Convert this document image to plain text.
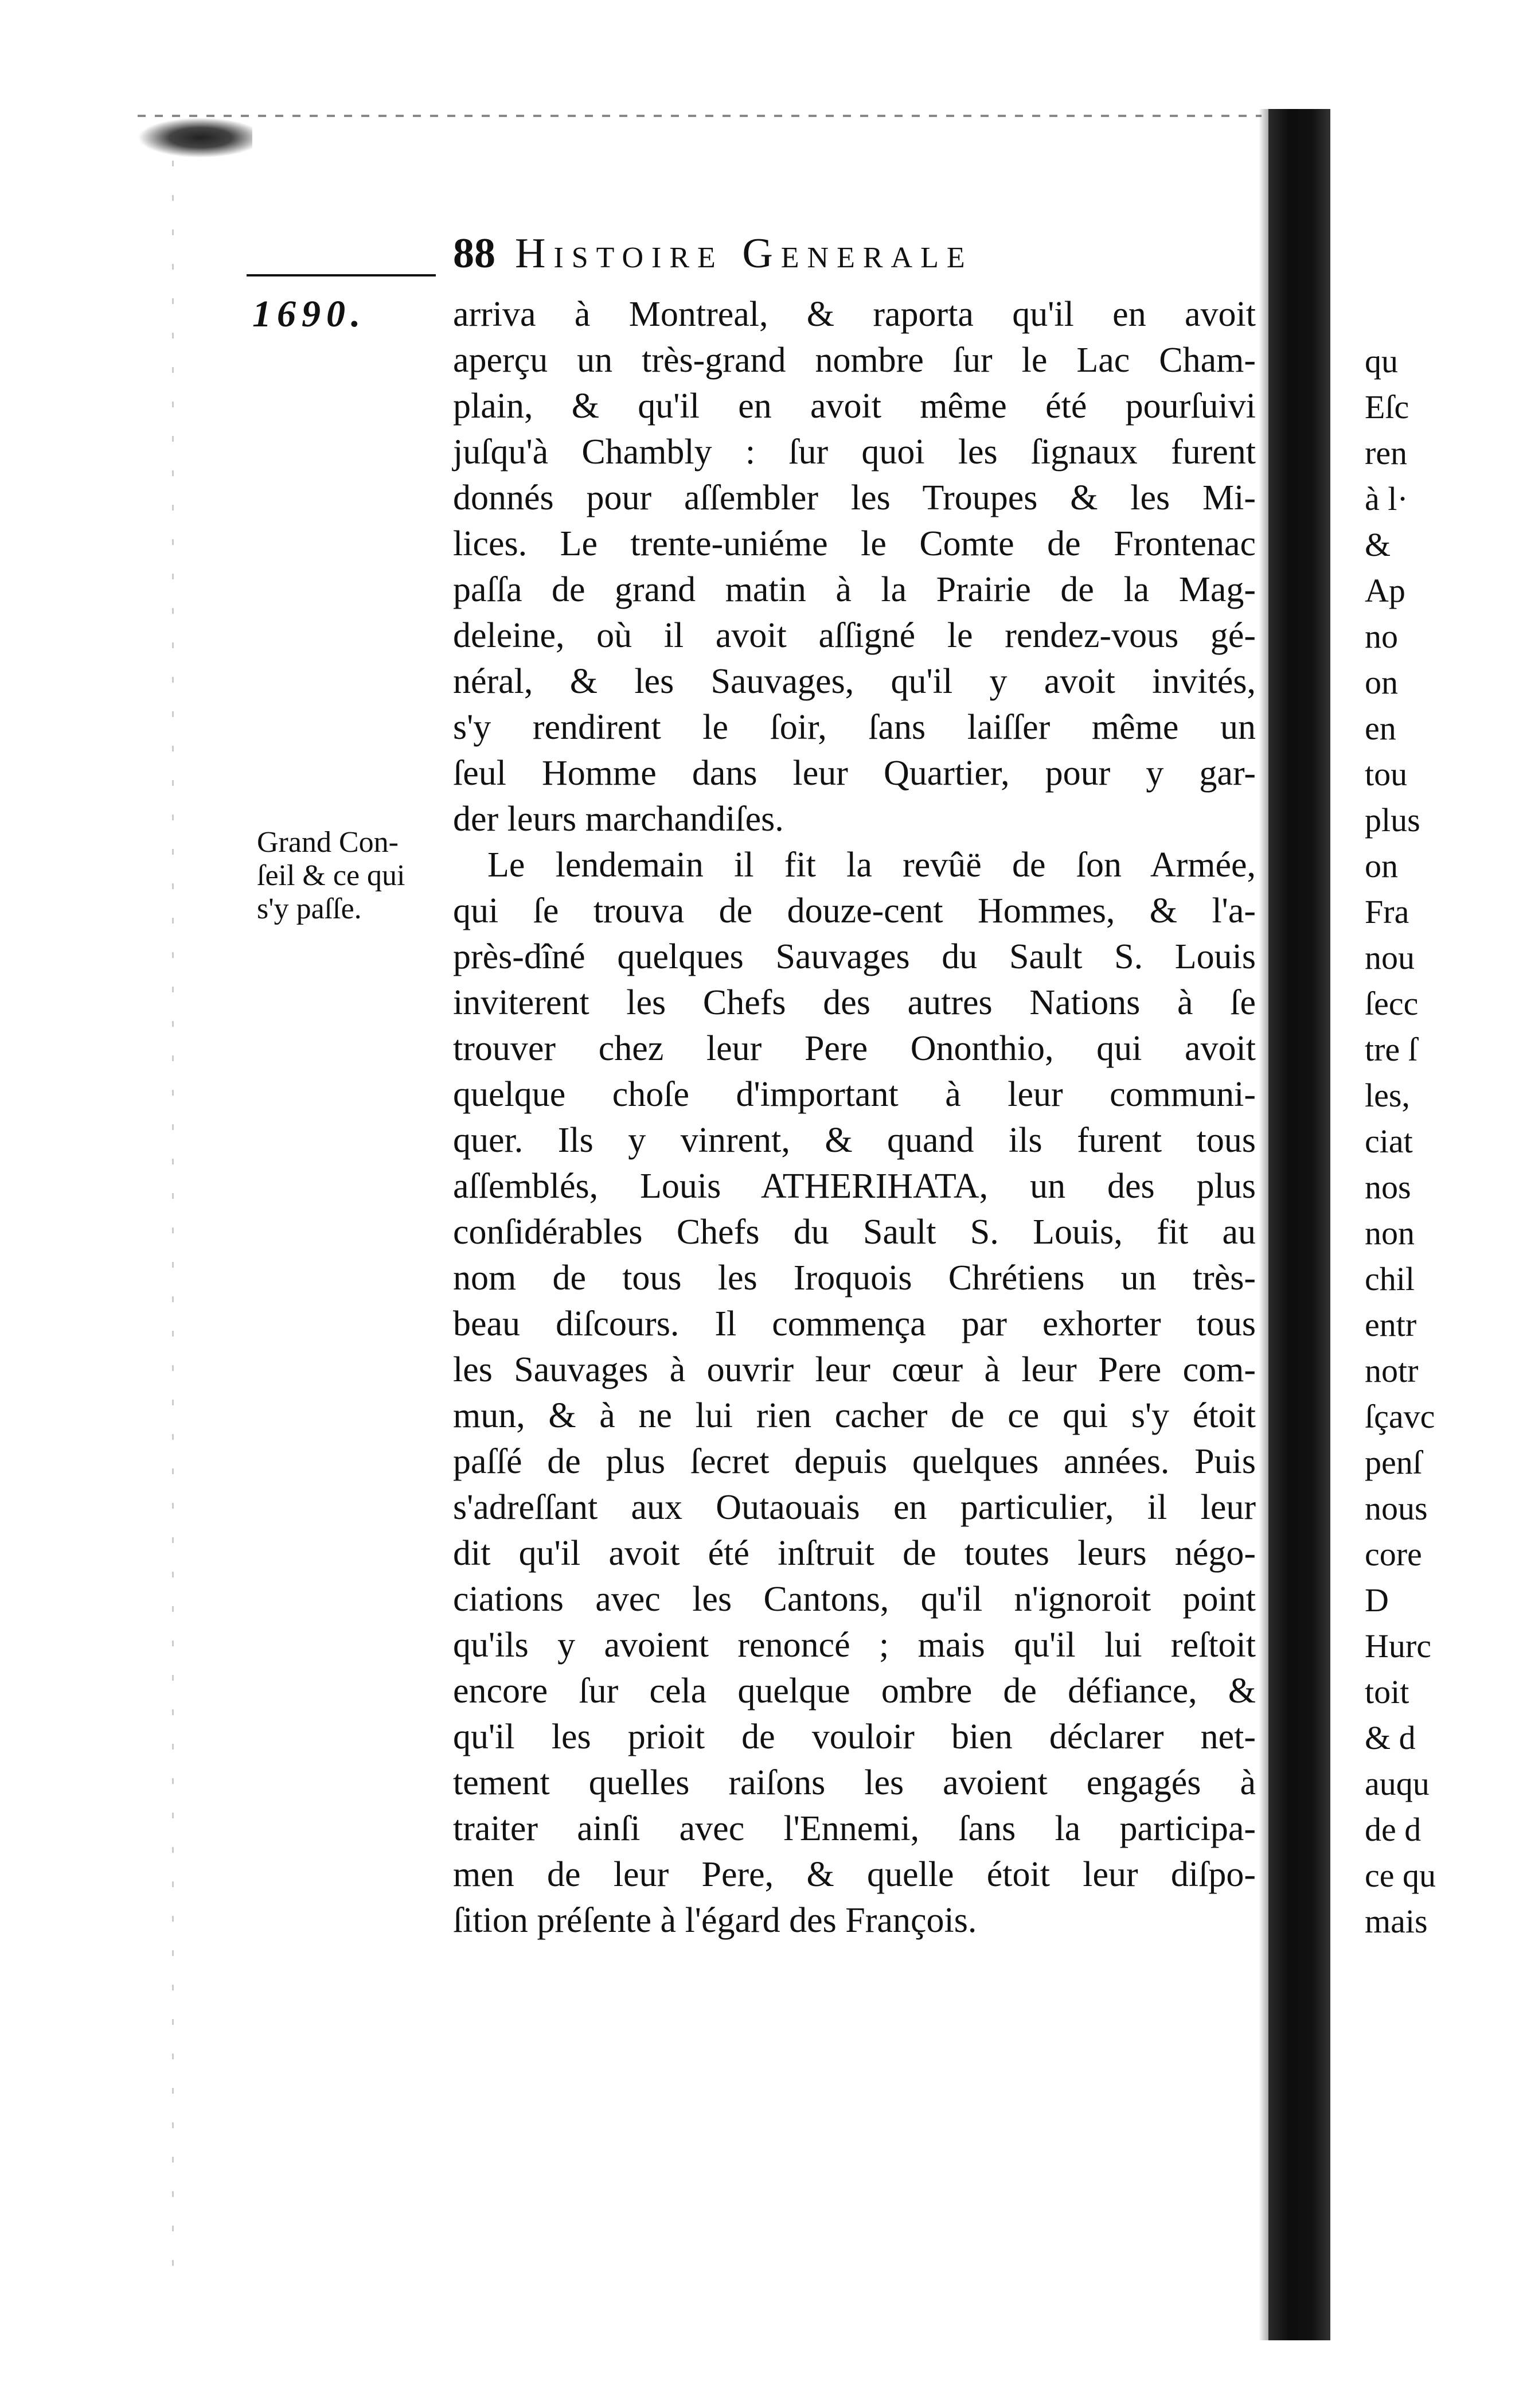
88 Histoire Generale
1690. arriva à Montreal, & raporta qu'il en avoit
aperçu un très-grand nombre ſur le Lac Cham-
plain, & qu'il en avoit même été pourſuivi
juſqu'à Chambly : ſur quoi les ſignaux furent
donnés pour aſſembler les Troupes & les Mi-
lices. Le trente-uniéme le Comte de Frontenac
paſſa de grand matin à la Prairie de la Mag-
deleine, où il avoit aſſigné le rendez-vous gé-
néral, & les Sauvages, qu'il y avoit invités,
s'y rendirent le ſoir, ſans laiſſer même un
ſeul Homme dans leur Quartier, pour y gar-
der leurs marchandiſes.
Le lendemain il fit la revûë de ſon Armée,
qui ſe trouva de douze-cent Hommes, & l'a-
près-dîné quelques Sauvages du Sault S. Louis
inviterent les Chefs des autres Nations à ſe
trouver chez leur Pere Ononthio, qui avoit
quelque choſe d'important à leur communi-
quer. Ils y vinrent, & quand ils furent tous
aſſemblés, Louis ATHERIHATA, un des plus
conſidérables Chefs du Sault S. Louis, fit au
nom de tous les Iroquois Chrétiens un très-
beau diſcours. Il commença par exhorter tous
les Sauvages à ouvrir leur cœur à leur Pere com-
mun, & à ne lui rien cacher de ce qui s'y étoit
paſſé de plus ſecret depuis quelques années. Puis
s'adreſſant aux Outaouais en particulier, il leur
dit qu'il avoit été inſtruit de toutes leurs négo-
ciations avec les Cantons, qu'il n'ignoroit point
qu'ils y avoient renoncé ; mais qu'il lui reſtoit
encore ſur cela quelque ombre de défiance, &
qu'il les prioit de vouloir bien déclarer net-
tement quelles raiſons les avoient engagés à
traiter ainſi avec l'Ennemi, ſans la participa-
men de leur Pere, & quelle étoit leur diſpo-
ſition préſente à l'égard des François.
Grand Con-
ſeil & ce qui
s'y paſſe.
qu
Eſc
ren
à l·
&
Ap
no
on
en
tou
plus
on
Fra
nou
ſecc
tre ſ
les,
ciat
nos
non
chil
entr
notr
ſçavc
penſ
nous
core
D
Hurc
toit
& d
auqu
de d
ce qu
mais
